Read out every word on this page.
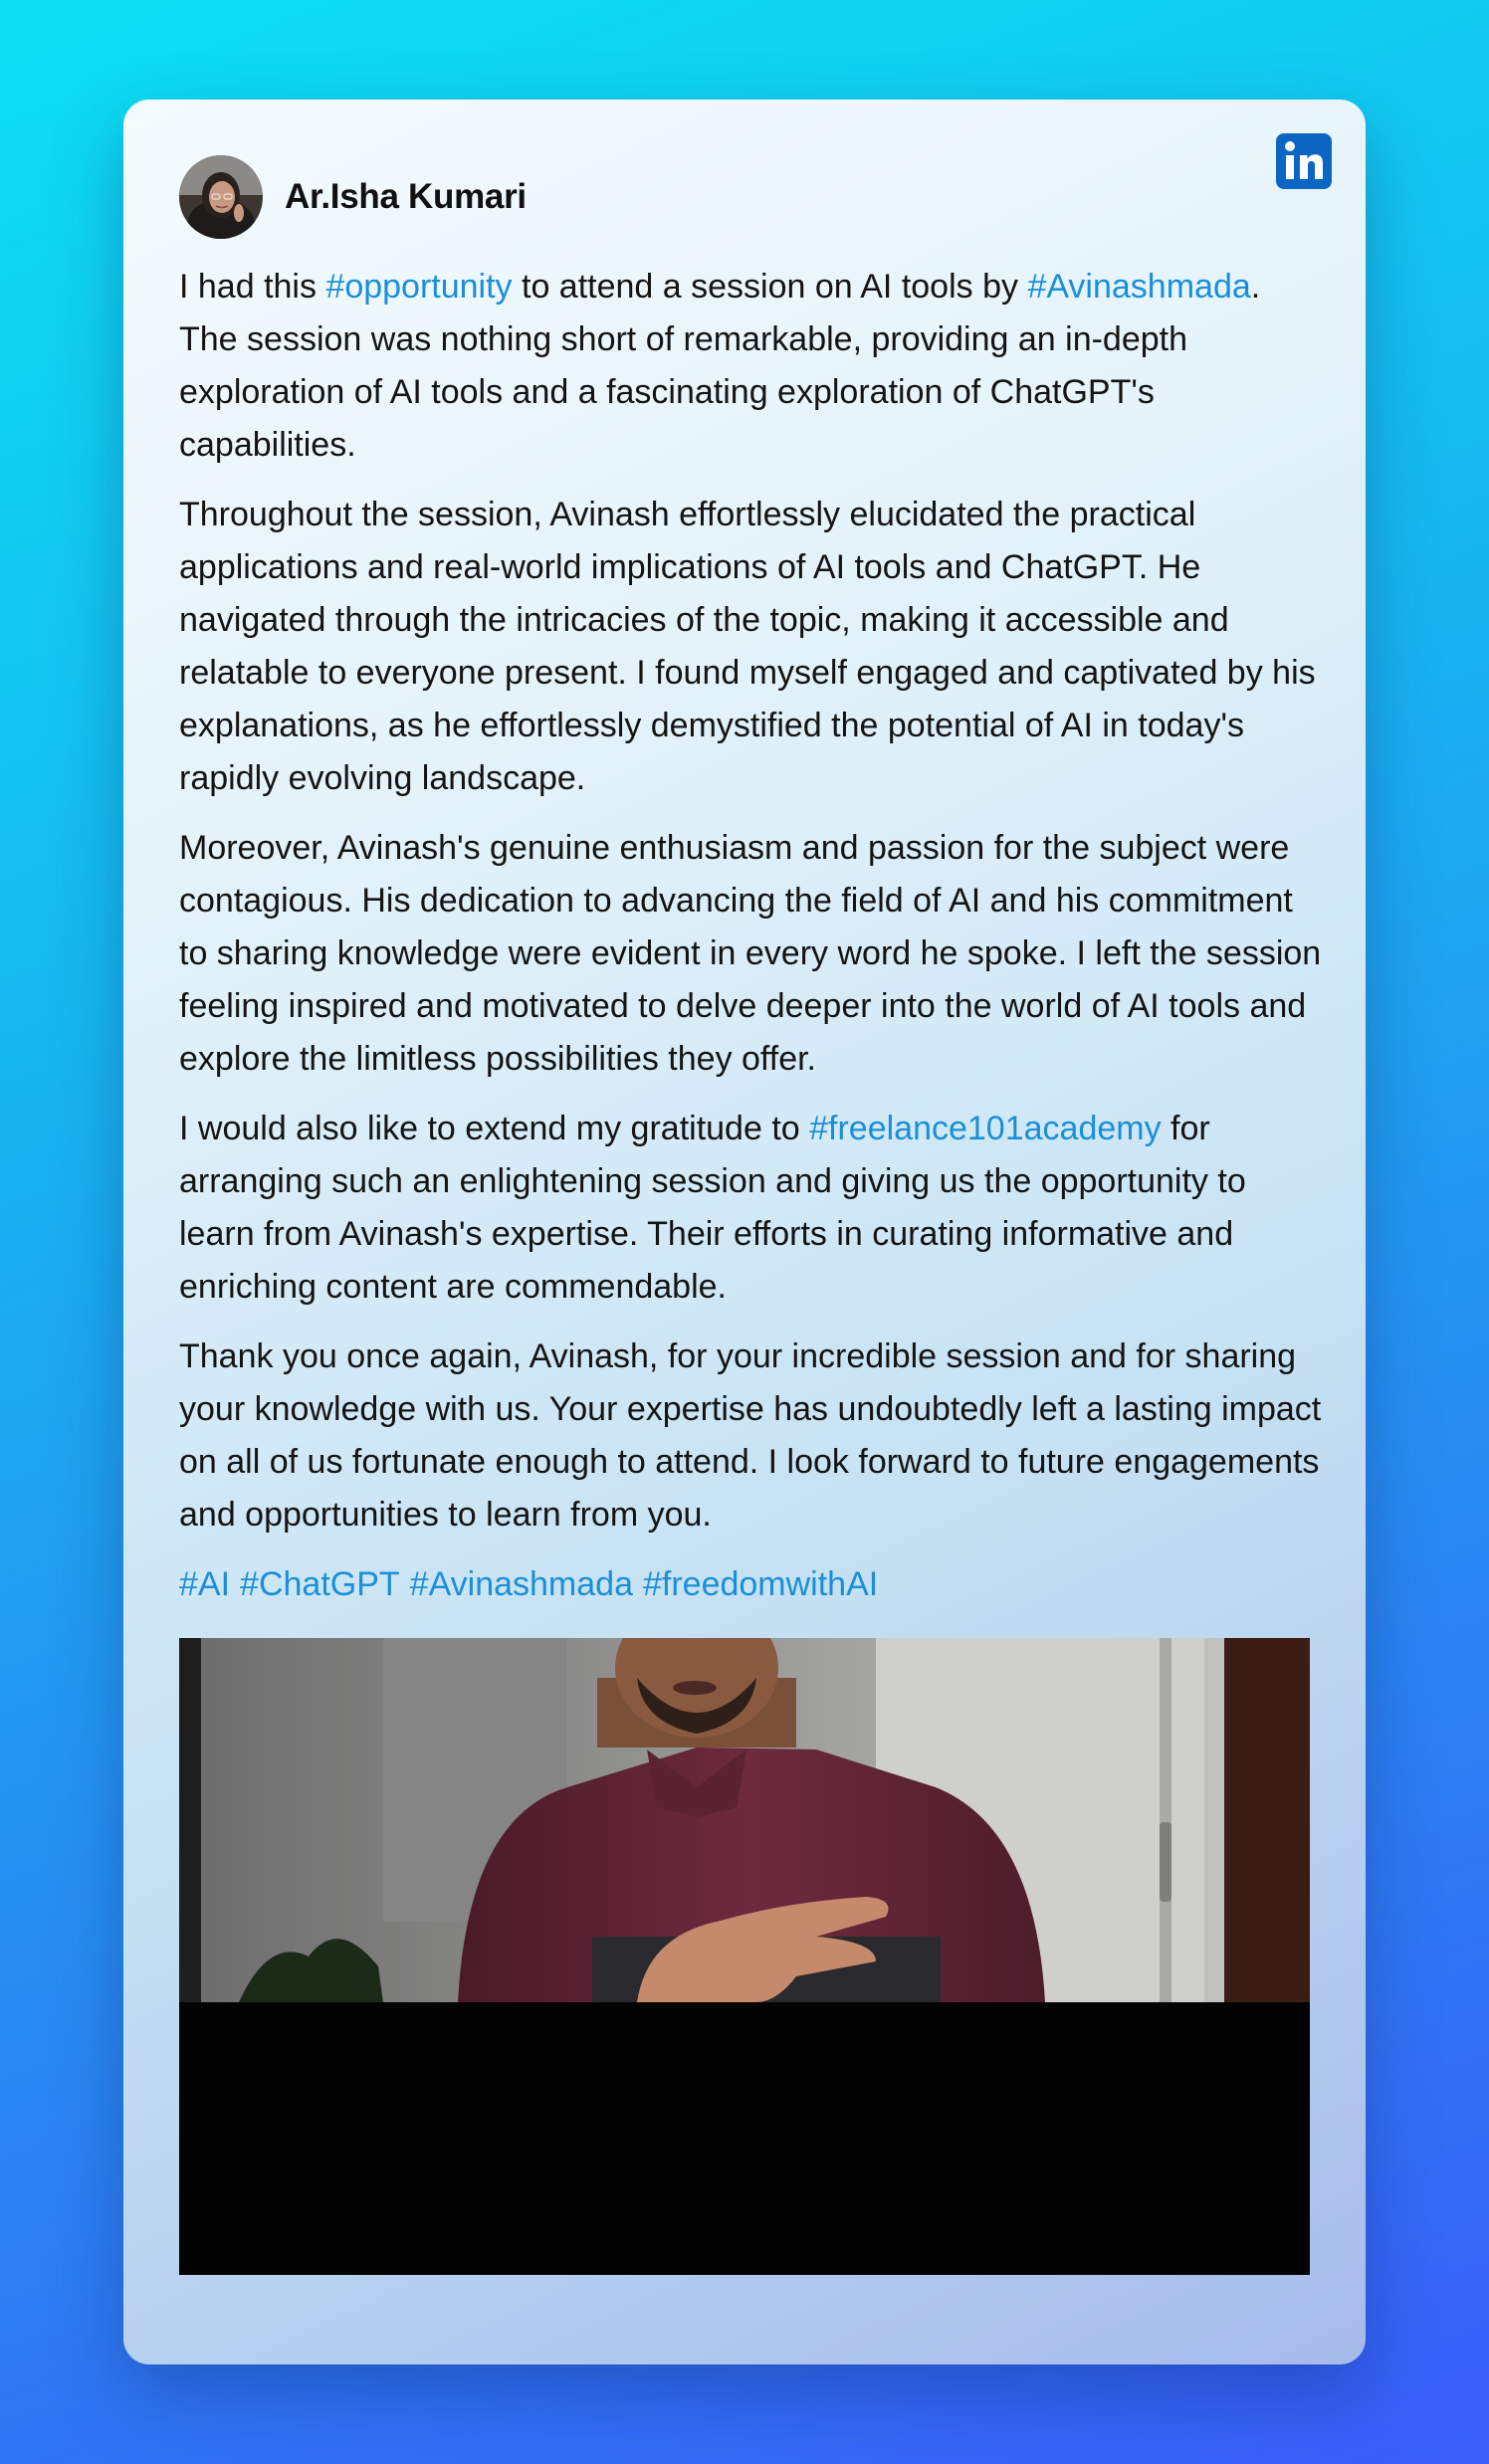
Ar.Isha Kumari

I had this #opportunity to attend a session on AI tools by #Avinashmada. The session was nothing short of remarkable, providing an in-depth exploration of AI tools and a fascinating exploration of ChatGPT's capabilities.

Throughout the session, Avinash effortlessly elucidated the practical applications and real-world implications of AI tools and ChatGPT. He navigated through the intricacies of the topic, making it accessible and relatable to everyone present. I found myself engaged and captivated by his explanations, as he effortlessly demystified the potential of AI in today's rapidly evolving landscape.

Moreover, Avinash's genuine enthusiasm and passion for the subject were contagious. His dedication to advancing the field of AI and his commitment to sharing knowledge were evident in every word he spoke. I left the session feeling inspired and motivated to delve deeper into the world of AI tools and explore the limitless possibilities they offer.

I would also like to extend my gratitude to #freelance101academy for arranging such an enlightening session and giving us the opportunity to learn from Avinash's expertise. Their efforts in curating informative and enriching content are commendable.

Thank you once again, Avinash, for your incredible session and for sharing your knowledge with us. Your expertise has undoubtedly left a lasting impact on all of us fortunate enough to attend. I look forward to future engagements and opportunities to learn from you.

#AI #ChatGPT #Avinashmada #freedomwithAI
